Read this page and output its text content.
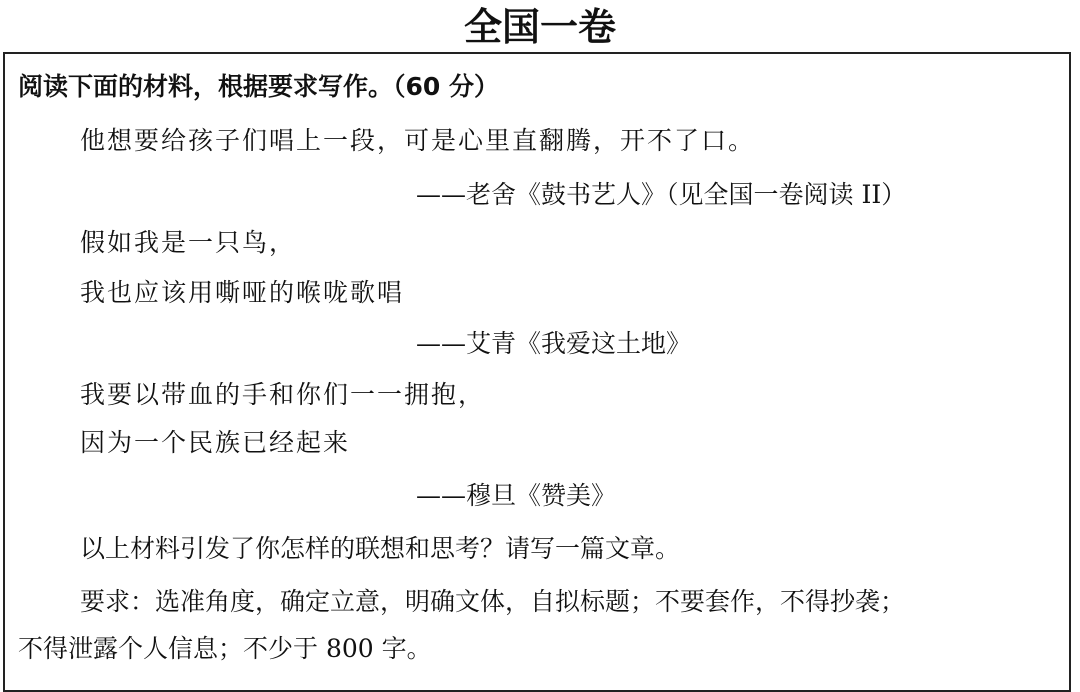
全国一卷
阅读下面的材料，根据要求写作。（60 分）
他想要给孩子们唱上一段，可是心里直翻腾，开不了口。
——老舍《鼓书艺人》（见全国一卷阅读 II）
假如我是一只鸟，
我也应该用嘶哑的喉咙歌唱
——艾青《我爱这土地》
我要以带血的手和你们一一拥抱，
因为一个民族已经起来
——穆旦《赞美》
以上材料引发了你怎样的联想和思考？请写一篇文章。
要求：选准角度，确定立意，明确文体，自拟标题；不要套作，不得抄袭；
不得泄露个人信息；不少于 800 字。
